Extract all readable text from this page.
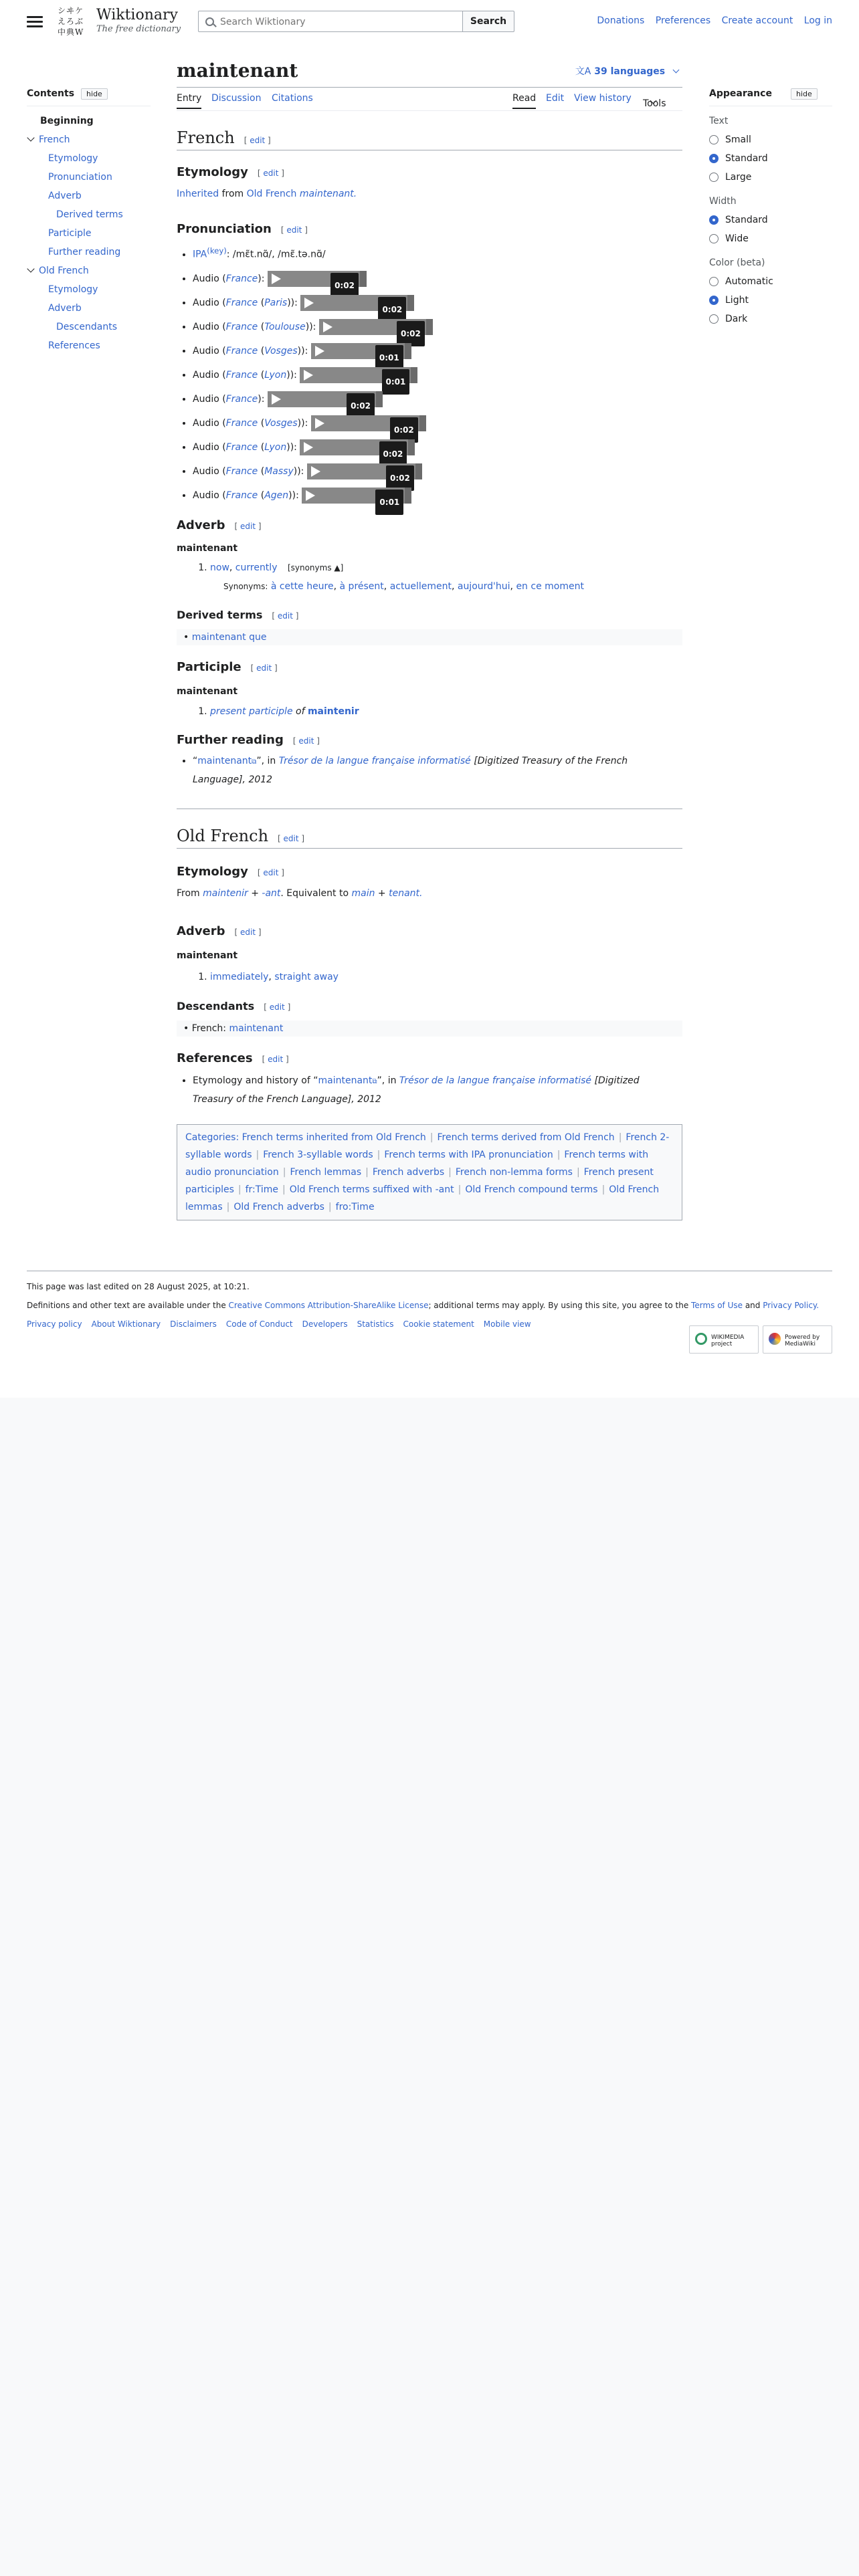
シ ヰ ケ
え ろ ぶ
中 典 W
Wiktionary
The free dictionary
Search Wiktionary
Search	Donations Preferences Create account Log in
Contents hide
Beginning
French
Etymology
Pronunciation
Adverb
Derived terms
Participle
Further reading
Old French
Etymology
Adverb
Descendants
References
maintenant	文A 39 languages
Entry Discussion Citations	Read Edit View history Tools
French [ edit ]
Etymology [ edit ]

Inherited from Old French maintenant.

Pronunciation [ edit ]
• $IPA^{(key)}$: /mɛ̃t.nɑ̃/, /mɛ̃.tə.nɑ̃/
• Audio (France):
0:02
• Audio (France (Paris)):
0:02
• Audio (France (Toulouse)):
0:02
• Audio (France (Vosges)):
0:01
• Audio (France (Lyon)):
0:01
• Audio (France):
0:02
• Audio (France (Vosges)):
0:02
• Audio (France (Lyon)):
0:02
• Audio (France (Massy)):
0:02
• Audio (France (Agen)):
0:01
Adverb [ edit ]
maintenant
1. now, currently [synonyms ▲]
Synonyms: à cette heure, à présent, actuellement, aujourd'hui, en ce moment
Derived terms [ edit ]
• maintenant que
Participle [ edit ]
maintenant
1. present participle of maintenir
Further reading [ edit ]
• “maintenant⧉”, in Trésor de la langue française informatisé [Digitized Treasury of the French Language], 2012
Old French [ edit ]
Etymology [ edit ]

From maintenir + -ant. Equivalent to main + tenant.

Adverb [ edit ]
maintenant
1. immediately, straight away
Descendants [ edit ]
• French: maintenant
References [ edit ]
• Etymology and history of “maintenant⧉”, in Trésor de la langue française informatisé [Digitized Treasury of the French Language], 2012
Categories: French terms inherited from Old French | French terms derived from Old French | French 2-syllable words | French 3-syllable words | French terms with IPA pronunciation | French terms with audio pronunciation | French lemmas | French adverbs | French non-lemma forms | French present participles | fr:Time | Old French terms suffixed with -ant | Old French compound terms | Old French lemmas | Old French adverbs | fro:Time
Appearance	hide
Text
Small
Standard
Large
Width
Standard
Wide
Color (beta)
Automatic
Light
Dark

This page was last edited on 28 August 2025, at 10:21.

Definitions and other text are available under the Creative Commons Attribution-ShareAlike License; additional terms may apply. By using this site, you agree to the Terms of Use and Privacy Policy.

Privacy policy About Wiktionary Disclaimers Code of Conduct Developers Statistics Cookie statement Mobile view
WIKIMEDIA project
Powered by MediaWiki
